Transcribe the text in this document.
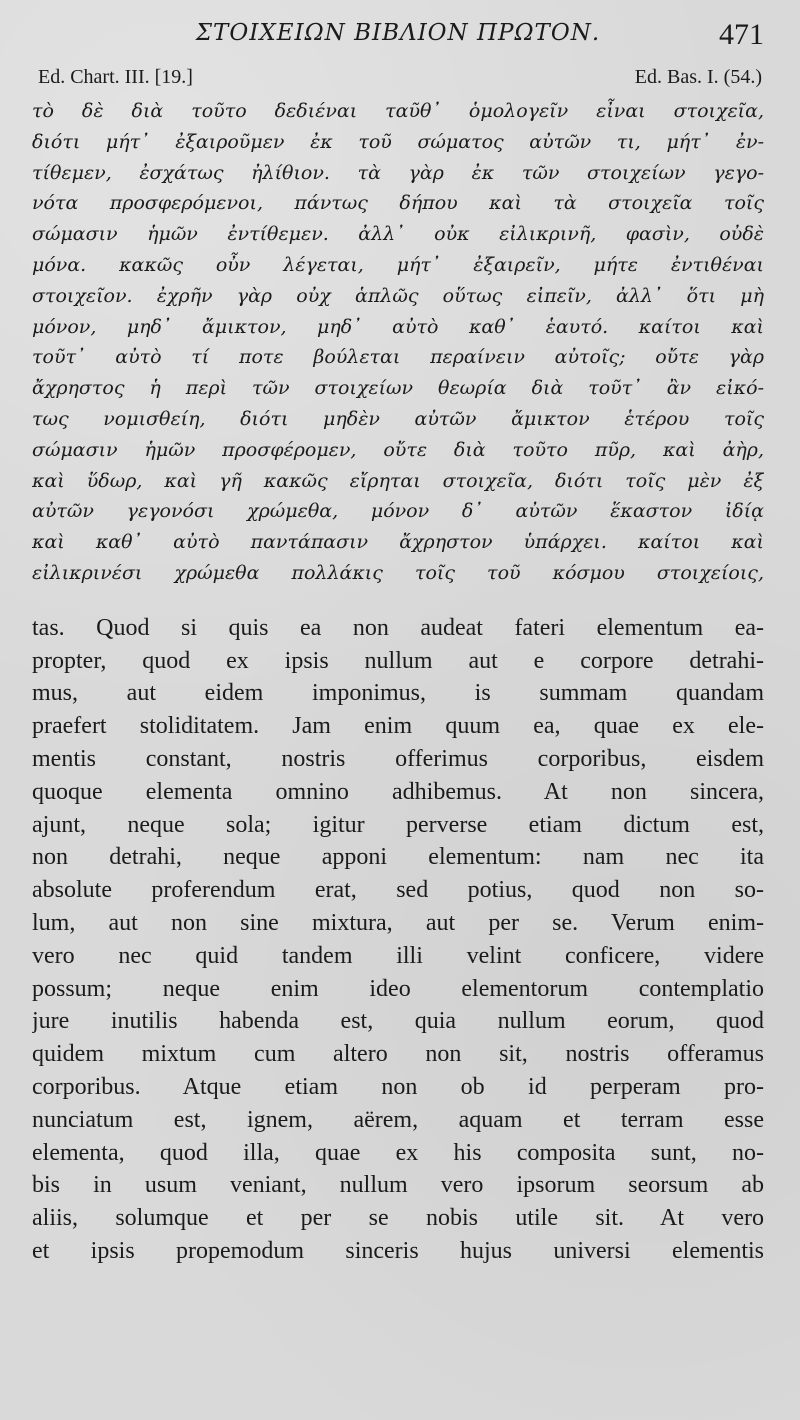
ΣΤΟΙΧΕΙΩΝ ΒΙΒΛΙΟΝ ΠΡΩΤΟΝ.	471
Ed. Chart. III. [19.]	Ed. Bas. I. (54.)
τὸ δὲ διὰ τοῦτο δεδιέναι ταῦθ᾿ ὁμολογεῖν εἶναι στοιχεῖα,
διότι μήτ᾿ ἐξαιροῦμεν ἐκ τοῦ σώματος αὐτῶν τι, μήτ᾿ ἐν-
τίθεμεν, ἐσχάτως ἠλίθιον. τὰ γὰρ ἐκ τῶν στοιχείων γεγο-
νότα προσφερόμενοι, πάντως δήπου καὶ τὰ στοιχεῖα τοῖς
σώμασιν ἡμῶν ἐντίθεμεν. ἀλλ᾿ οὐκ εἰλικρινῆ, φασὶν, οὐδὲ
μόνα. κακῶς οὖν λέγεται, μήτ᾿ ἐξαιρεῖν, μήτε ἐντιθέναι
στοιχεῖον. ἐχρῆν γὰρ οὐχ ἁπλῶς οὕτως εἰπεῖν, ἀλλ᾿ ὅτι μὴ
μόνον, μηδ᾿ ἄμικτον, μηδ᾿ αὐτὸ καθ᾿ ἑαυτό. καίτοι καὶ
τοῦτ᾿ αὐτὸ τί ποτε βούλεται περαίνειν αὐτοῖς; οὔτε γὰρ
ἄχρηστος ἡ περὶ τῶν στοιχείων θεωρία διὰ τοῦτ᾿ ἂν εἰκό-
τως νομισθείη, διότι μηδὲν αὐτῶν ἄμικτον ἑτέρου τοῖς
σώμασιν ἡμῶν προσφέρομεν, οὔτε διὰ τοῦτο πῦρ, καὶ ἀὴρ,
καὶ ὕδωρ, καὶ γῆ κακῶς εἴρηται στοιχεῖα, διότι τοῖς μὲν ἐξ
αὐτῶν γεγονόσι χρώμεθα, μόνον δ᾿ αὐτῶν ἕκαστον ἰδίᾳ
καὶ καθ᾿ αὐτὸ παντάπασιν ἄχρηστον ὑπάρχει. καίτοι καὶ
εἰλικρινέσι χρώμεθα πολλάκις τοῖς τοῦ κόσμου στοιχείοις,
tas. Quod si quis ea non audeat fateri elementum ea-
propter, quod ex ipsis nullum aut e corpore detrahi-
mus, aut eidem imponimus, is summam quandam
praefert stoliditatem. Jam enim quum ea, quae ex ele-
mentis constant, nostris offerimus corporibus, eisdem
quoque elementa omnino adhibemus. At non sincera,
ajunt, neque sola; igitur perverse etiam dictum est,
non detrahi, neque apponi elementum: nam nec ita
absolute proferendum erat, sed potius, quod non so-
lum, aut non sine mixtura, aut per se. Verum enim-
vero nec quid tandem illi velint conficere, videre
possum; neque enim ideo elementorum contemplatio
jure inutilis habenda est, quia nullum eorum, quod
quidem mixtum cum altero non sit, nostris offeramus
corporibus. Atque etiam non ob id perperam pro-
nunciatum est, ignem, aërem, aquam et terram esse
elementa, quod illa, quae ex his composita sunt, no-
bis in usum veniant, nullum vero ipsorum seorsum ab
aliis, solumque et per se nobis utile sit. At vero
et ipsis propemodum sinceris hujus universi elementis
